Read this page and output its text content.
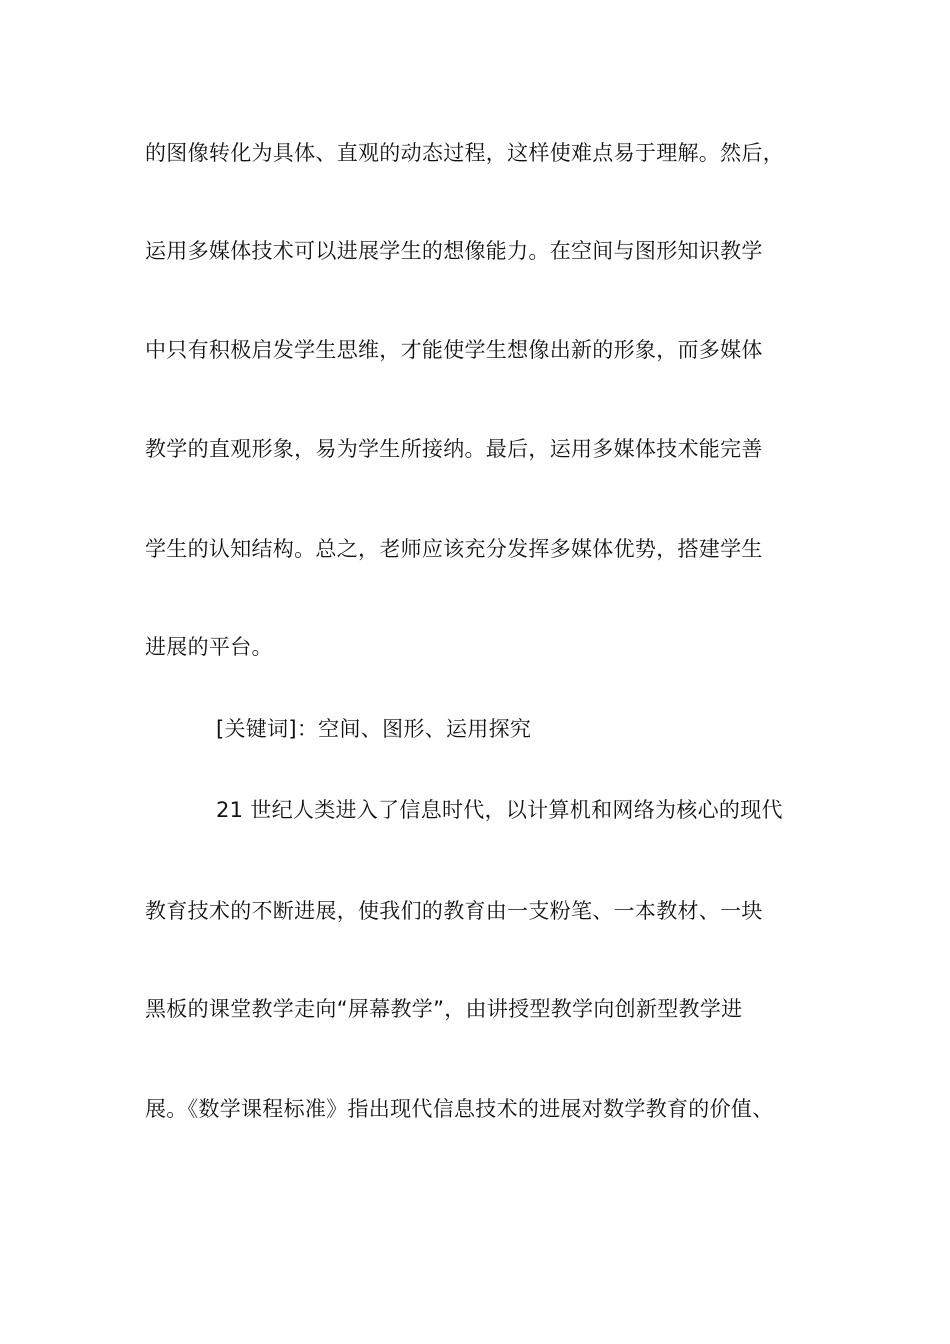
的图像转化为具体、直观的动态过程，这样使难点易于理解。然后，
运用多媒体技术可以进展学生的想像能力。在空间与图形知识教学
中只有积极启发学生思维，才能使学生想像出新的形象，而多媒体
教学的直观形象，易为学生所接纳。最后，运用多媒体技术能完善
学生的认知结构。总之，老师应该充分发挥多媒体优势，搭建学生
进展的平台。
[关键词]：空间、图形、运用探究
21 世纪人类进入了信息时代，以计算机和网络为核心的现代
教育技术的不断进展，使我们的教育由一支粉笔、一本教材、一块
黑板的课堂教学走向“屏幕教学”，由讲授型教学向创新型教学进
展。《数学课程标准》指出现代信息技术的进展对数学教育的价值、
